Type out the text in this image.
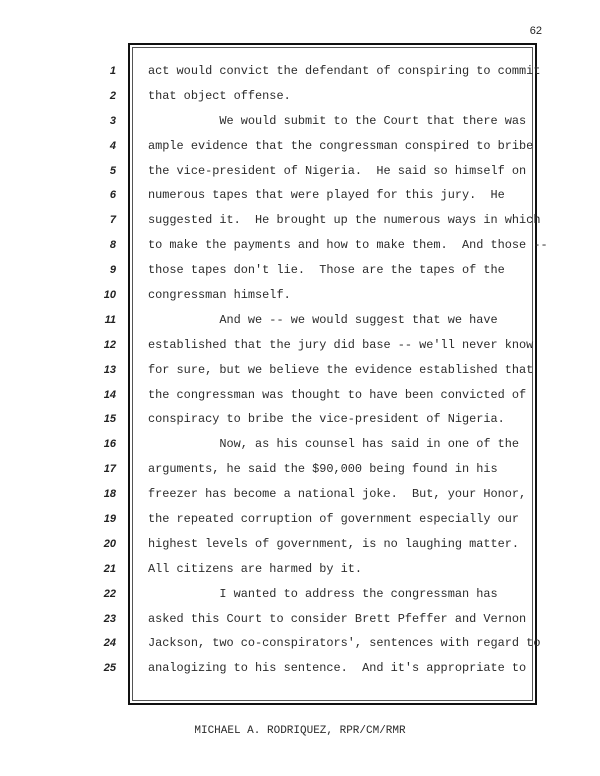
62
1
2
3
4
5
6
7
8
9
10
11
12
13
14
15
16
17
18
19
20
21
22
23
24
25
act would convict the defendant of conspiring to commit
that object offense.
We would submit to the Court that there was
ample evidence that the congressman conspired to bribe
the vice-president of Nigeria.  He said so himself on
numerous tapes that were played for this jury.  He
suggested it.  He brought up the numerous ways in which
to make the payments and how to make them.  And those --
those tapes don't lie.  Those are the tapes of the
congressman himself.
And we -- we would suggest that we have
established that the jury did base -- we'll never know
for sure, but we believe the evidence established that
the congressman was thought to have been convicted of
conspiracy to bribe the vice-president of Nigeria.
Now, as his counsel has said in one of the
arguments, he said the $90,000 being found in his
freezer has become a national joke.  But, your Honor,
the repeated corruption of government especially our
highest levels of government, is no laughing matter.
All citizens are harmed by it.
I wanted to address the congressman has
asked this Court to consider Brett Pfeffer and Vernon
Jackson, two co-conspirators', sentences with regard to
analogizing to his sentence.  And it's appropriate to
MICHAEL A. RODRIQUEZ, RPR/CM/RMR
